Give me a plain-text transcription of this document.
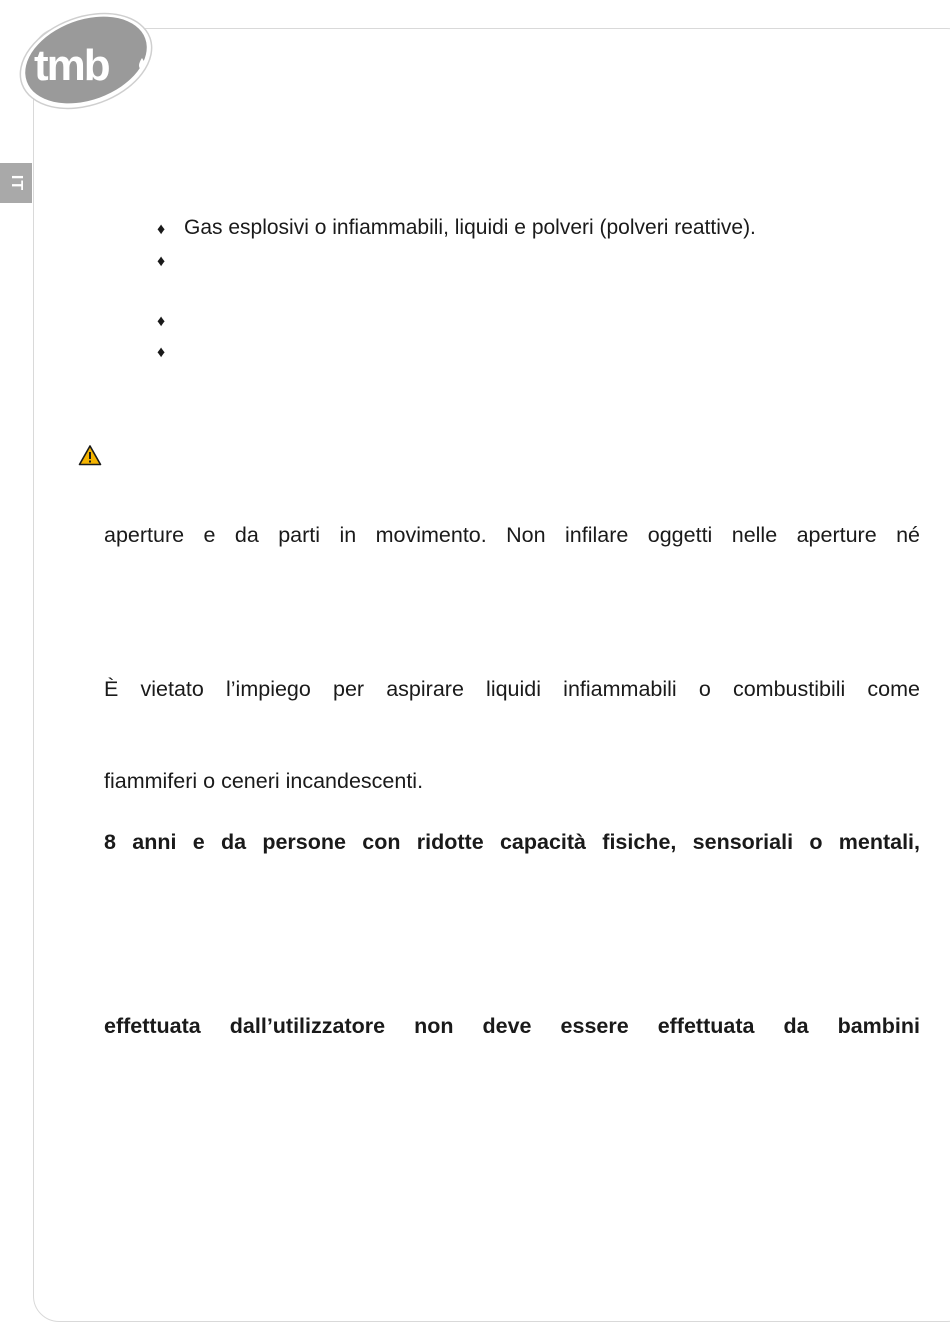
tmb
IT
♦ Gas esplosivi o infiammabili, liquidi e polveri (polveri reattive).
♦
♦
♦
aperture e da parti in movimento. Non infilare oggetti nelle aperture né
È vietato l’impiego per aspirare liquidi infiammabili o combustibili come
fiammiferi o ceneri incandescenti.
8 anni e da persone con ridotte capacità fisiche, sensoriali o mentali,
effettuata dall’utilizzatore non deve essere effettuata da bambini
